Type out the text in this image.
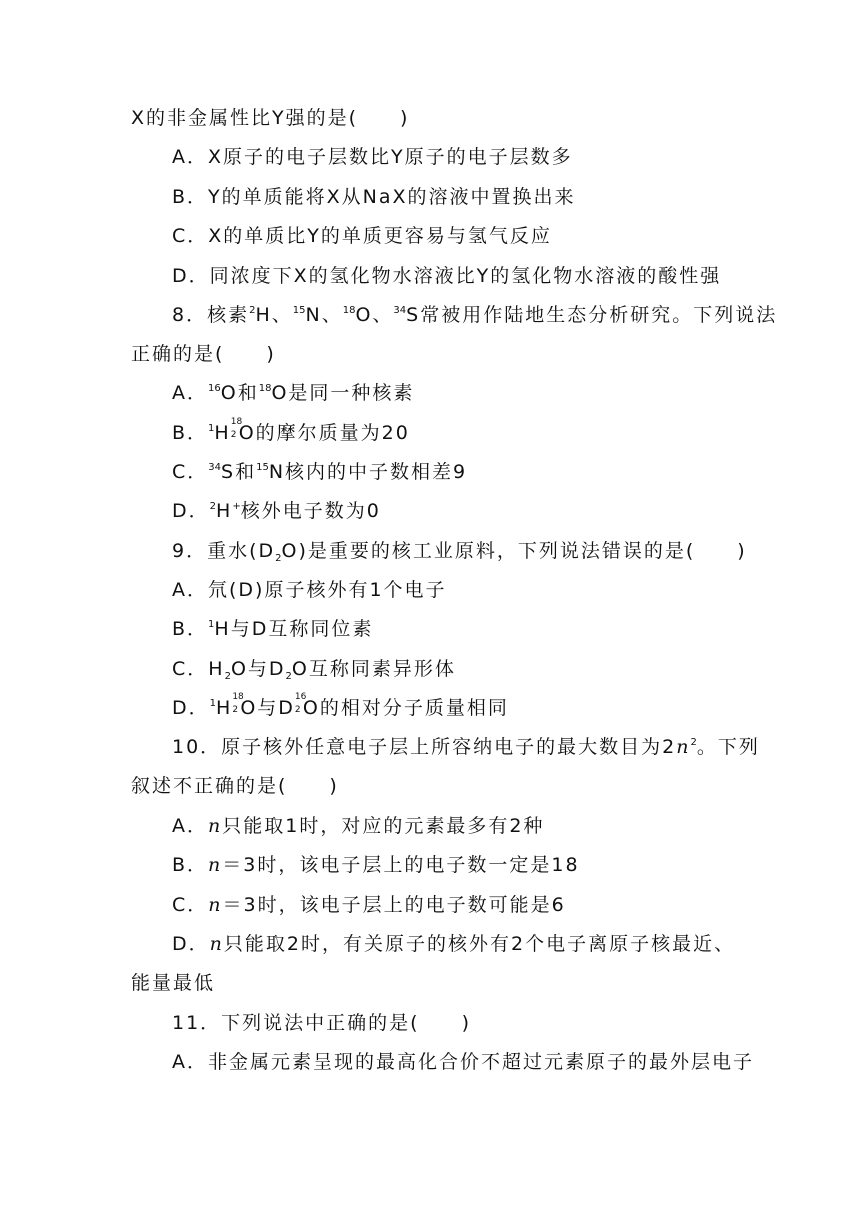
X的非金属性比Y强的是(　　)
A．X原子的电子层数比Y原子的电子层数多
B．Y的单质能将X从NaX的溶液中置换出来
C．X的单质比Y的单质更容易与氢气反应
D．同浓度下X的氢化物水溶液比Y的氢化物水溶液的酸性强
8．核素$^2$H、$^{15}$N、$^{18}$O、$^{34}$S常被用作陆地生态分析研究。下列说法
正确的是(　　)
A．$^{16}$O和$^{18}$O是同一种核素
B．$^1$H 18
2 O的摩尔质量为20
C．$^{34}$S和$^{15}$N核内的中子数相差9
D．$^2$H+核外电子数为0
9．重水$(D_2O)$是重要的核工业原料，下列说法错误的是(　　)
A．氘(D)原子核外有1个电子
B．$^1$H与D互称同位素
C．$H_2O$与$D_2O$互称同素异形体
D．$^1$H 18
2 O与D 16
2 O的相对分子质量相同
10．原子核外任意电子层上所容纳电子的最大数目为$2n^2$。下列
叙述不正确的是(　　)
A．n只能取1时，对应的元素最多有2种
B．n＝3时，该电子层上的电子数一定是18
C．n＝3时，该电子层上的电子数可能是6
D．n只能取2时，有关原子的核外有2个电子离原子核最近、
能量最低
11．下列说法中正确的是(　　)
A．非金属元素呈现的最高化合价不超过元素原子的最外层电子
